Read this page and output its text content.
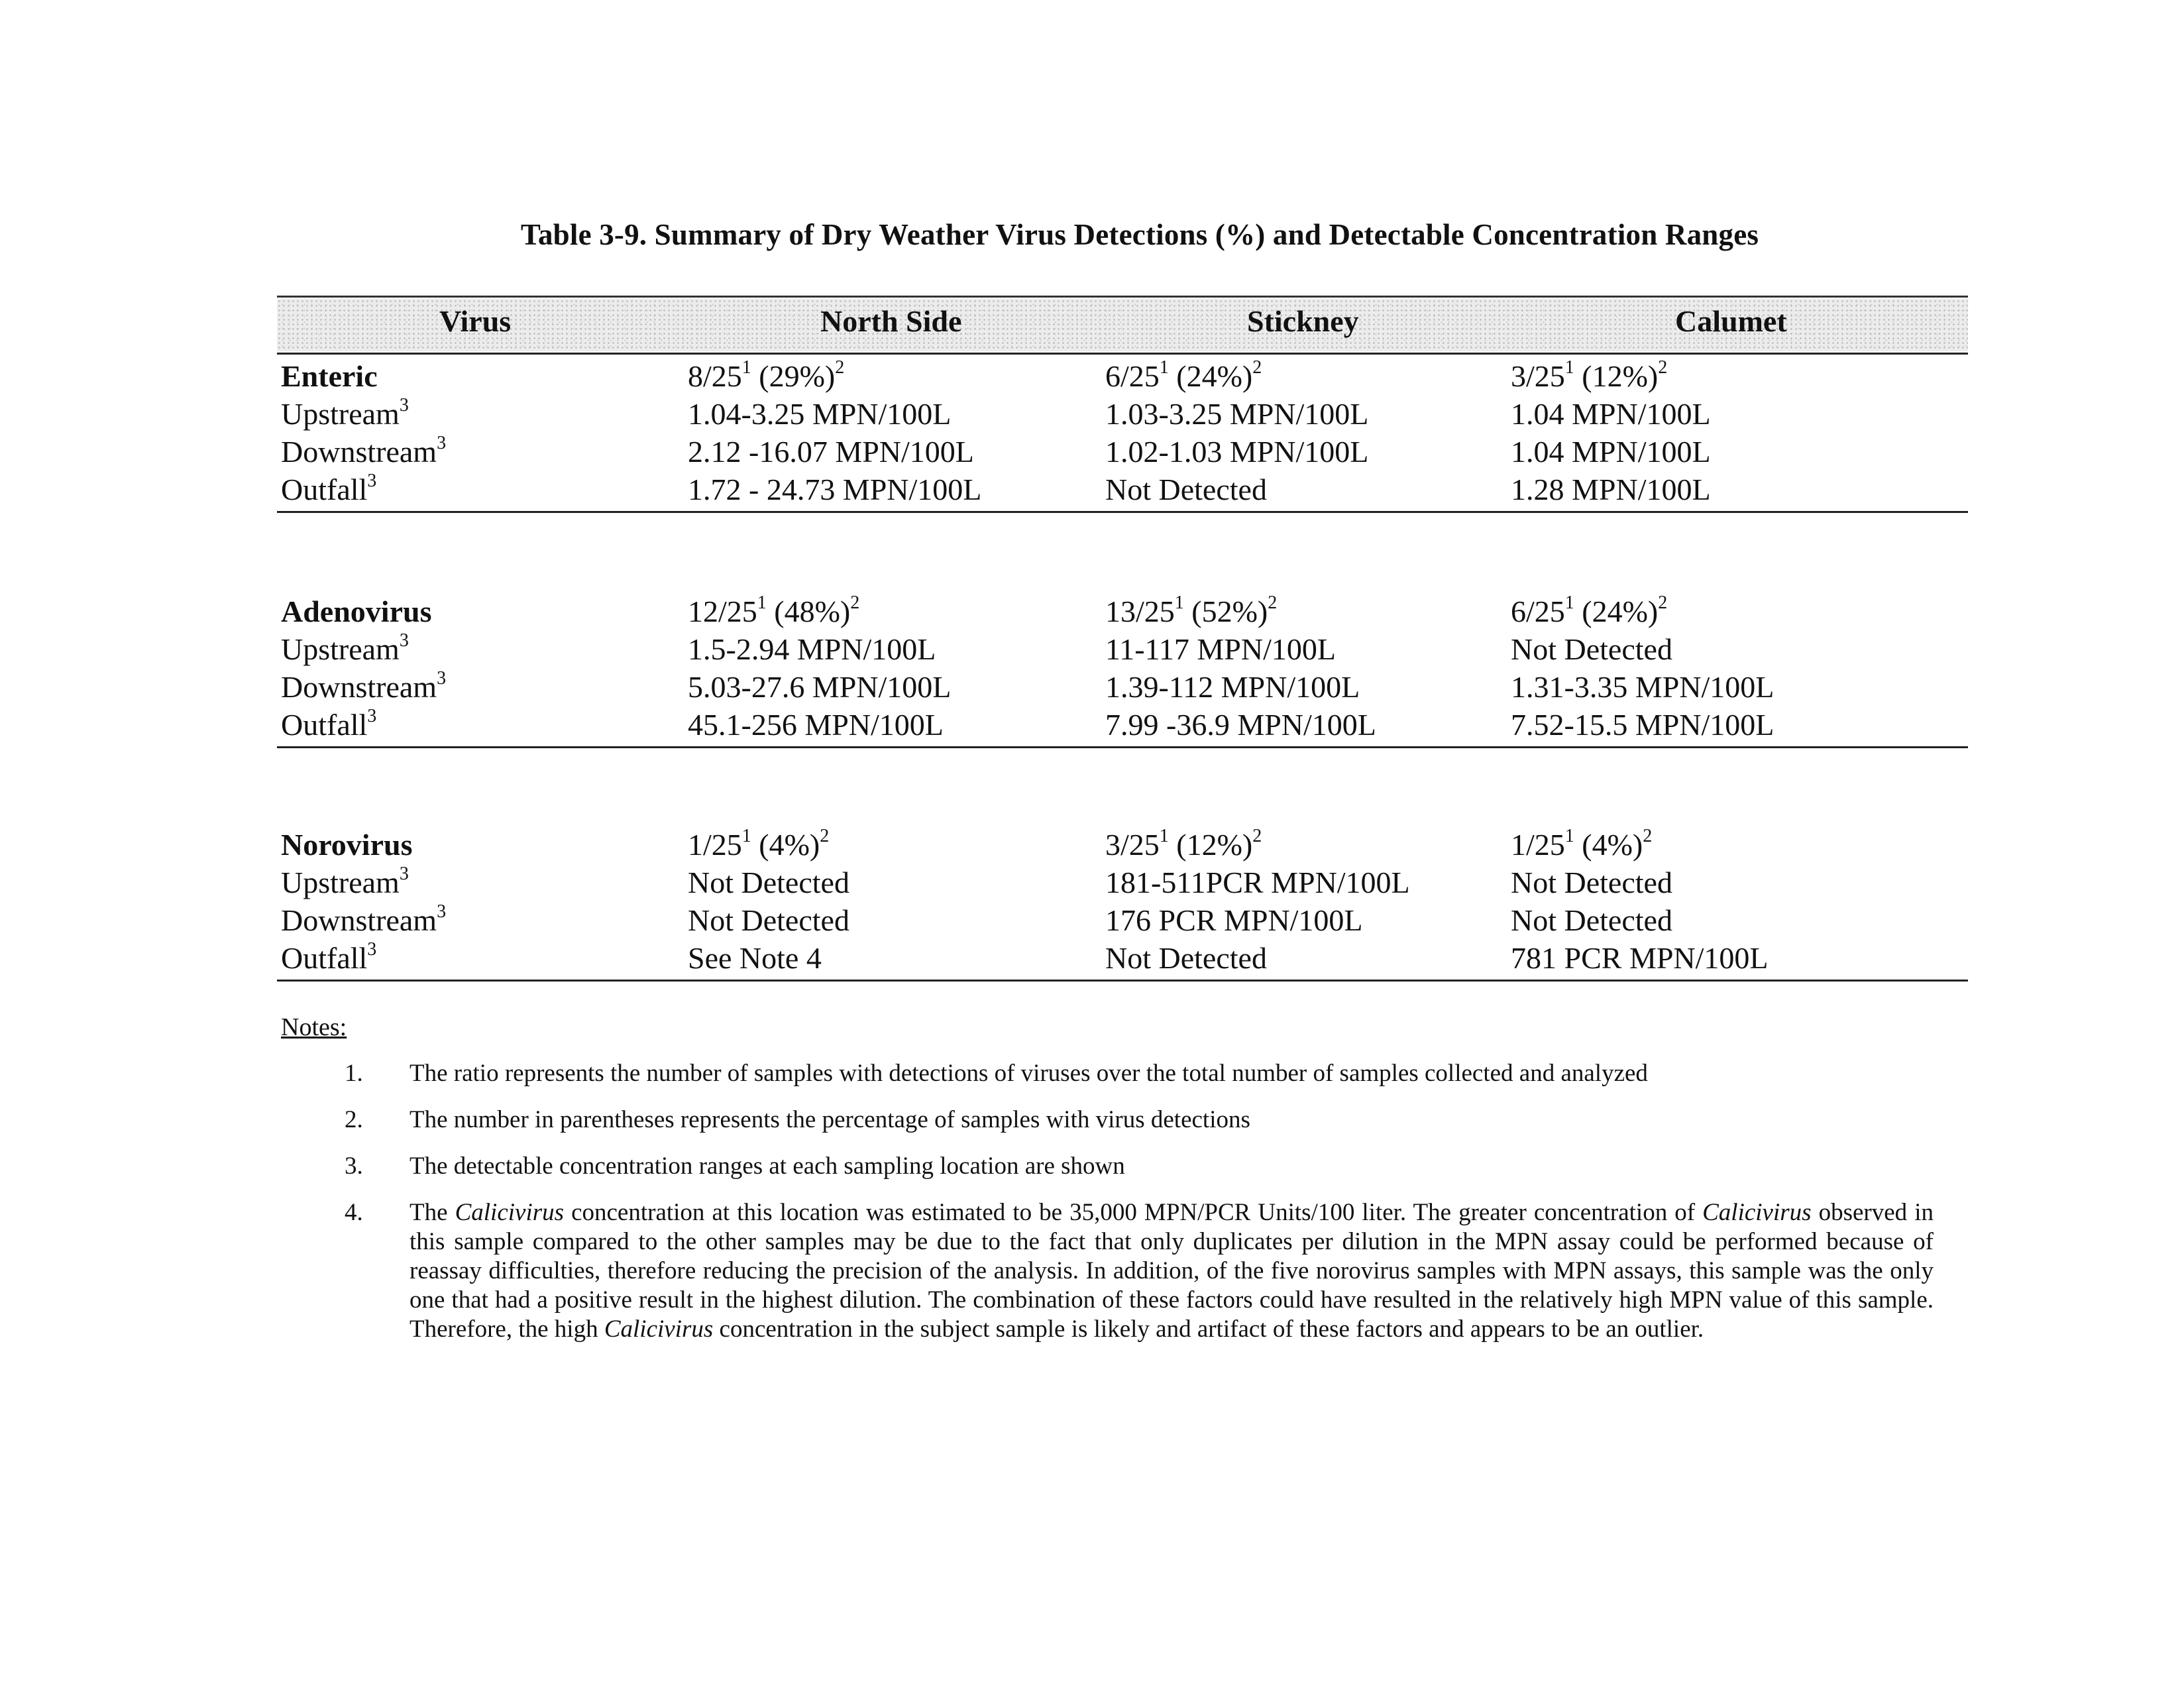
Table 3-9. Summary of Dry Weather Virus Detections (%) and Detectable Concentration Ranges
Virus	North Side	Stickney	Calumet
Enteric	$8/25^1$ $(29\%)^2$	$6/25^1$ $(24\%)^2$	$3/25^1$ $(12\%)^2$
Upstream$^3$	1.04-3.25 MPN/100L	1.03-3.25 MPN/100L	1.04 MPN/100L
Downstream$^3$	2.12 -16.07 MPN/100L	1.02-1.03 MPN/100L	1.04 MPN/100L
Outfall$^3$	1.72 - 24.73 MPN/100L	Not Detected	1.28 MPN/100L
Adenovirus	$12/25^1$ $(48\%)^2$	$13/25^1$ $(52\%)^2$	$6/25^1$ $(24\%)^2$
Upstream$^3$	1.5-2.94 MPN/100L	11-117 MPN/100L	Not Detected
Downstream$^3$	5.03-27.6 MPN/100L	1.39-112 MPN/100L	1.31-3.35 MPN/100L
Outfall$^3$	45.1-256 MPN/100L	7.99 -36.9 MPN/100L	7.52-15.5 MPN/100L
Norovirus	$1/25^1$ $(4\%)^2$	$3/25^1$ $(12\%)^2$	$1/25^1$ $(4\%)^2$
Upstream$^3$	Not Detected	181-511PCR MPN/100L	Not Detected
Downstream$^3$	Not Detected	176 PCR MPN/100L	Not Detected
Outfall$^3$	See Note 4	Not Detected	781 PCR MPN/100L
Notes:
1. The ratio represents the number of samples with detections of viruses over the total number of samples collected and analyzed
2. The number in parentheses represents the percentage of samples with virus detections
3. The detectable concentration ranges at each sampling location are shown
4. The Calicivirus concentration at this location was estimated to be 35,000 MPN/PCR Units/100 liter. The greater concentration of Calicivirus observed in this sample compared to the other samples may be due to the fact that only duplicates per dilution in the MPN assay could be performed because of reassay difficulties, therefore reducing the precision of the analysis. In addition, of the five norovirus samples with MPN assays, this sample was the only one that had a positive result in the highest dilution. The combination of these factors could have resulted in the relatively high MPN value of this sample. Therefore, the high Calicivirus concentration in the subject sample is likely and artifact of these factors and appears to be an outlier.
